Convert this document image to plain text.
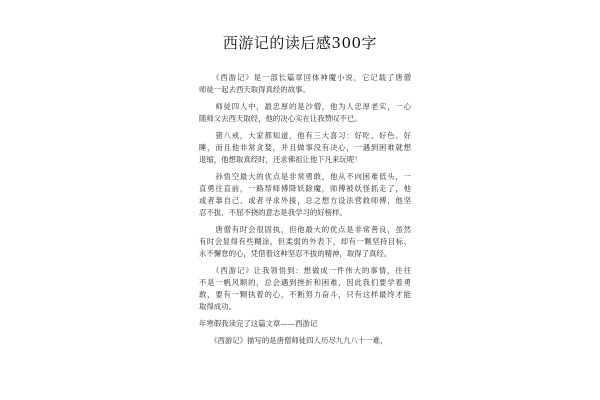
西游记的读后感300字
　　《西游记》是一部长篇章回体神魔小说，它记载了唐僧
师徒一起去西天取得真经的故事。
　　师徒四人中，最忠厚的是沙僧，他为人忠厚老实，一心
随师父去西天取经，他的决心实在让我赞叹不已。
　　猪八戒，大家都知道，他有三大喜习：好吃、好色、好
睡，而且他非常贪婪，并且做事没有决心，一遇到困难就想
退缩，他想取真经时，还求佛祖让他下凡来玩呢！
　　孙悟空最大的优点是非常勇敢，他从不向困难低头，一
直勇往直前，一路帮师傅降妖除魔，师傅被妖怪抓走了，他
或者靠自己、或者寻求外援，总之想方设法营救师傅，他坚
忍不拔、不屈不挠的意志是我学习的好榜样。
　　唐僧有时会很固执，但他最大的优点是非常善良，虽然
有时会显得有些糊涂，但柔弱的外表下，却有一颗坚持目标、
永不懈怠的心，凭借着这种坚忍不拔的精神，取得了真经。
　　《西游记》让我领悟到：想做成一件伟大的事情，往往
不是一帆风顺的，总会遇到挫折和困难，因此我们要学着勇
敢，要有一颗执着的心，不断努力奋斗，只有这样最终才能
取得成功。
年寒假我读完了这篇文章——西游记
　　《西游记》描写的是唐僧师徒四人历尽九九八十一难，
